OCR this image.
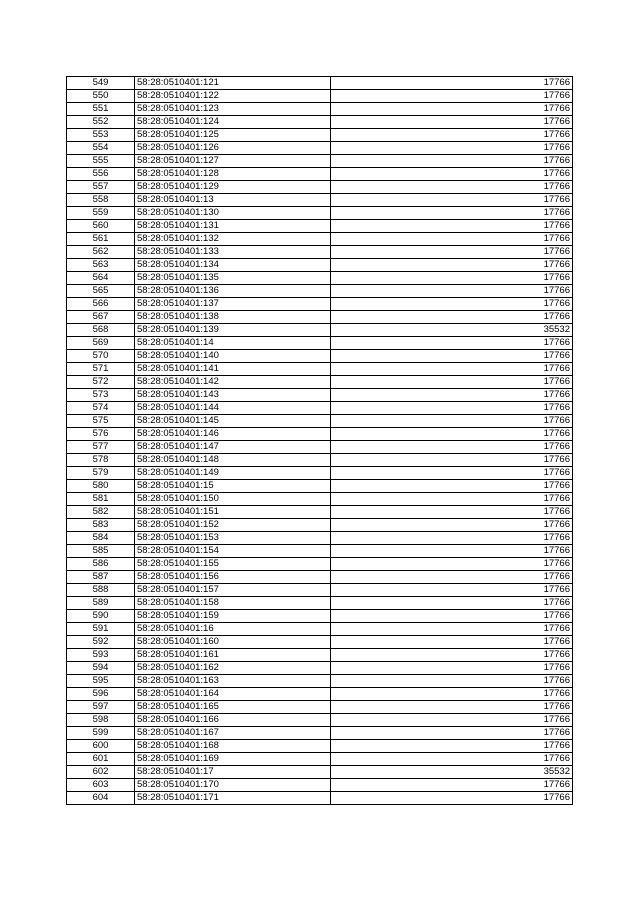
549	58:28:0510401:121	17766
550	58:28:0510401:122	17766
551	58:28:0510401:123	17766
552	58:28:0510401:124	17766
553	58:28:0510401:125	17766
554	58:28:0510401:126	17766
555	58:28:0510401:127	17766
556	58:28:0510401:128	17766
557	58:28:0510401:129	17766
558	58:28:0510401:13	17766
559	58:28:0510401:130	17766
560	58:28:0510401:131	17766
561	58:28:0510401:132	17766
562	58:28:0510401:133	17766
563	58:28:0510401:134	17766
564	58:28:0510401:135	17766
565	58:28:0510401:136	17766
566	58:28:0510401:137	17766
567	58:28:0510401:138	17766
568	58:28:0510401:139	35532
569	58:28:0510401:14	17766
570	58:28:0510401:140	17766
571	58:28:0510401:141	17766
572	58:28:0510401:142	17766
573	58:28:0510401:143	17766
574	58:28:0510401:144	17766
575	58:28:0510401:145	17766
576	58:28:0510401:146	17766
577	58:28:0510401:147	17766
578	58:28:0510401:148	17766
579	58:28:0510401:149	17766
580	58:28:0510401:15	17766
581	58:28:0510401:150	17766
582	58:28:0510401:151	17766
583	58:28:0510401:152	17766
584	58:28:0510401:153	17766
585	58:28:0510401:154	17766
586	58:28:0510401:155	17766
587	58:28:0510401:156	17766
588	58:28:0510401:157	17766
589	58:28:0510401:158	17766
590	58:28:0510401:159	17766
591	58:28:0510401:16	17766
592	58:28:0510401:160	17766
593	58:28:0510401:161	17766
594	58:28:0510401:162	17766
595	58:28:0510401:163	17766
596	58:28:0510401:164	17766
597	58:28:0510401:165	17766
598	58:28:0510401:166	17766
599	58:28:0510401:167	17766
600	58:28:0510401:168	17766
601	58:28:0510401:169	17766
602	58:28:0510401:17	35532
603	58:28:0510401:170	17766
604	58:28:0510401:171	17766
